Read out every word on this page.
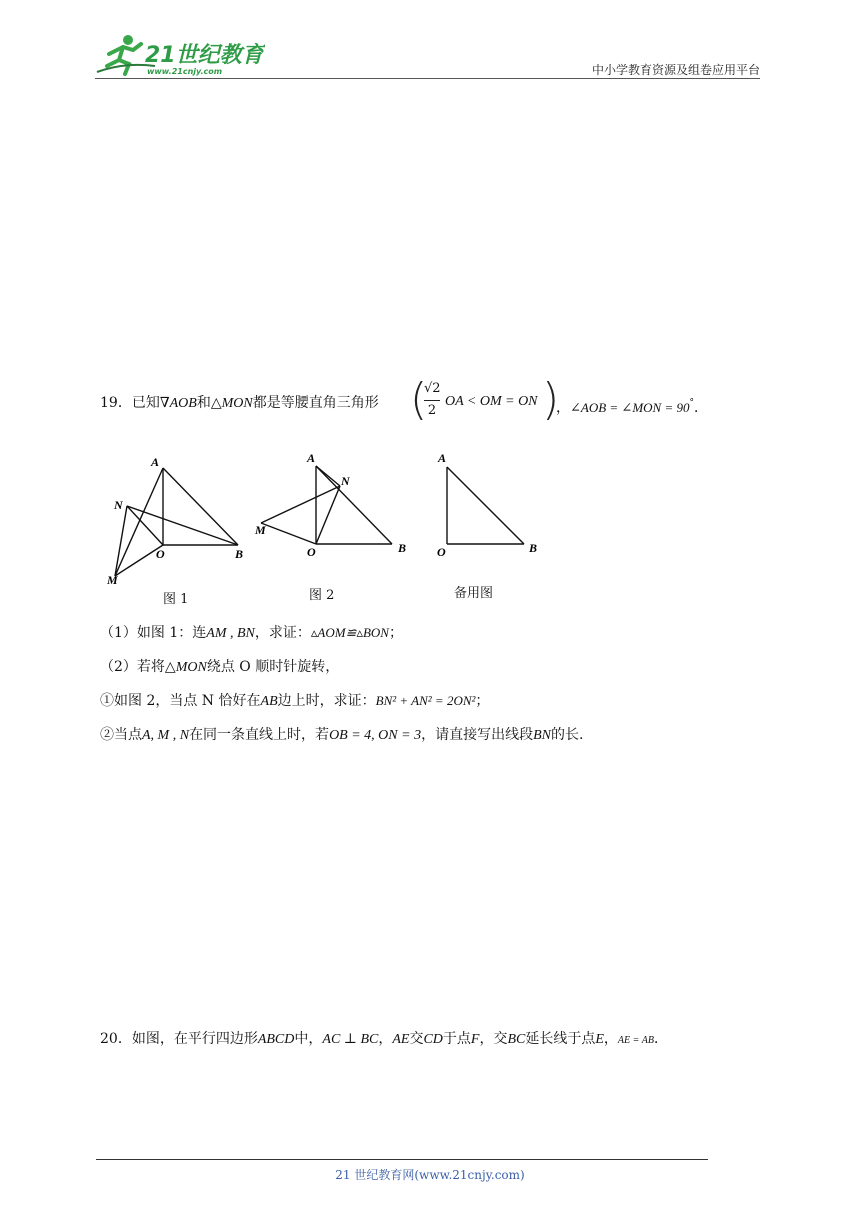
21世纪教育
www.21cnjy.com	中小学教育资源及组卷应用平台
19．已知∇AOB和△MON都是等腰直角三角形 (
√2
2
OA < OM = ON )
，∠AOB = ∠MON = 90°．
A
N
O	B
M
A
N
M
O	B
A
O	B
图 1	图 2	备用图
（1）如图 1：连AM , BN，求证：▵AOM≌▵BON；
（2）若将△MON绕点 O 顺时针旋转，
①如图 2，当点 N 恰好在AB边上时，求证：BN² + AN² = 2ON²；
②当点A, M , N在同一条直线上时，若OB = 4, ON = 3，请直接写出线段BN的长.
20．如图，在平行四边形ABCD中，AC ⊥ BC，AE交CD于点F，交BC延长线于点E，AE = AB．
21 世纪教育网(www.21cnjy.com)
